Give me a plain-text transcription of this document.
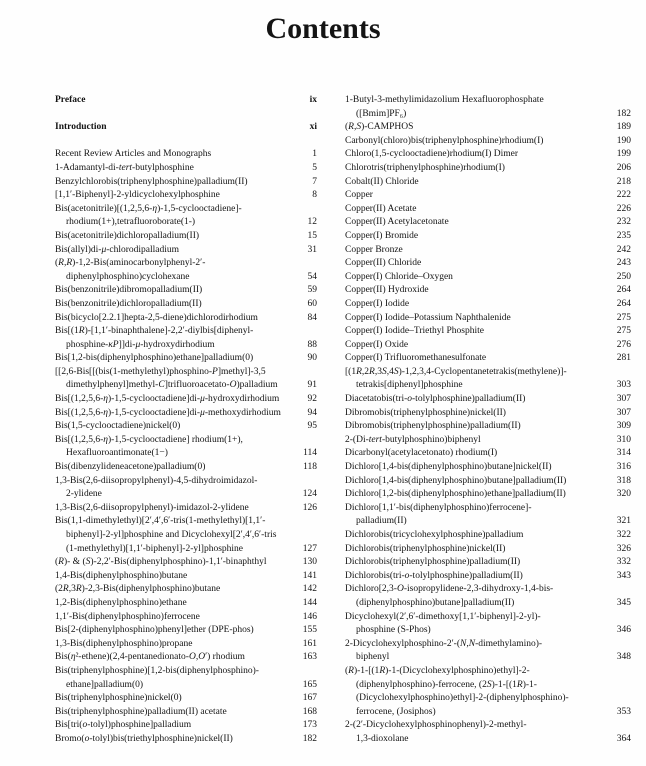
Contents
Preface	ix
Introduction	xi
Recent Review Articles and Monographs	1
1-Adamantyl-di-tert-butylphosphine	5
Benzylchlorobis(triphenylphosphine)palladium(II)	7
[1,1′-Biphenyl]-2-yldicyclohexylphosphine	8
Bis(acetonitrile)[(1,2,5,6-η)-1,5-cyclooctadiene]-
rhodium(1+),tetrafluoroborate(1-)	12
Bis(acetonitrile)dichloropalladium(II)	15
Bis(allyl)di-μ-chlorodipalladium	31
(R,R)-1,2-Bis(aminocarbonylphenyl-2′-
diphenylphosphino)cyclohexane	54
Bis(benzonitrile)dibromopalladium(II)	59
Bis(benzonitrile)dichloropalladium(II)	60
Bis(bicyclo[2.2.1]hepta-2,5-diene)dichlorodirhodium	84
Bis[(1R)-[1,1′-binaphthalene]-2,2′-diylbis[diphenyl-
phosphine-κP]]di-μ-hydroxydirhodium	88
Bis[1,2-bis(diphenylphosphino)ethane]palladium(0)	90
[[2,6-Bis[[(bis(1-methylethyl)phosphino-P]methyl]-3,5
dimethylphenyl]methyl-C]trifluoroacetato-O)palladium	91
Bis[(1,2,5,6-η)-1,5-cyclooctadiene]di-μ-hydroxydirhodium	92
Bis[(1,2,5,6-η)-1,5-cyclooctadiene]di-μ-methoxydirhodium	94
Bis(1,5-cyclooctadiene)nickel(0)	95
Bis[(1,2,5,6-η)-1,5-cyclooctadiene] rhodium(1+),
Hexafluoroantimonate(1−)	114
Bis(dibenzylideneacetone)palladium(0)	118
1,3-Bis(2,6-diisopropylphenyl)-4,5-dihydroimidazol-
2-ylidene	124
1,3-Bis(2,6-diisopropylphenyl)-imidazol-2-ylidene	126
Bis(1,1-dimethylethyl)[2′,4′,6′-tris(1-methylethyl)[1,1′-
biphenyl]-2-yl]phosphine and Dicyclohexyl[2′,4′,6′-tris
(1-methylethyl)[1,1′-biphenyl]-2-yl]phosphine	127
(R)- & (S)-2,2′-Bis(diphenylphosphino)-1,1′-binaphthyl	130
1,4-Bis(diphenylphosphino)butane	141
(2R,3R)-2,3-Bis(diphenylphosphino)butane	142
1,2-Bis(diphenylphosphino)ethane	144
1,1′-Bis(diphenylphosphino)ferrocene	146
Bis[2-(diphenylphosphino)phenyl]ether (DPE-phos)	155
1,3-Bis(diphenylphosphino)propane	161
Bis(η²-ethene)(2,4-pentanedionato-O,O′) rhodium	163
Bis(triphenylphosphine)[1,2-bis(diphenylphosphino)-
ethane]palladium(0)	165
Bis(triphenylphosphine)nickel(0)	167
Bis(triphenylphosphine)palladium(II) acetate	168
Bis[tri(o-tolyl)phosphine]palladium	173
Bromo(o-tolyl)bis(triethylphosphine)nickel(II)	182
1-Butyl-3-methylimidazolium Hexafluorophosphate
([Bmim]PF₆)	182
(R,S)-CAMPHOS	189
Carbonyl(chloro)bis(triphenylphosphine)rhodium(I)	190
Chloro(1,5-cyclooctadiene)rhodium(I) Dimer	199
Chlorotris(triphenylphosphine)rhodium(I)	206
Cobalt(II) Chloride	218
Copper	222
Copper(II) Acetate	226
Copper(II) Acetylacetonate	232
Copper(I) Bromide	235
Copper Bronze	242
Copper(II) Chloride	243
Copper(I) Chloride–Oxygen	250
Copper(II) Hydroxide	264
Copper(I) Iodide	264
Copper(I) Iodide–Potassium Naphthalenide	275
Copper(I) Iodide–Triethyl Phosphite	275
Copper(I) Oxide	276
Copper(I) Trifluoromethanesulfonate	281
[(1R,2R,3S,4S)-1,2,3,4-Cyclopentanetetrakis(methylene)]-
tetrakis[diphenyl]phosphine	303
Diacetatobis(tri-o-tolylphosphine)palladium(II)	307
Dibromobis(triphenylphosphine)nickel(II)	307
Dibromobis(triphenylphosphine)palladium(II)	309
2-(Di-tert-butylphosphino)biphenyl	310
Dicarbonyl(acetylacetonato) rhodium(I)	314
Dichloro[1,4-bis(diphenylphosphino)butane]nickel(II)	316
Dichloro[1,4-bis(diphenylphosphino)butane]palladium(II)	318
Dichloro[1,2-bis(diphenylphosphino)ethane]palladium(II)	320
Dichloro[1,1′-bis(diphenylphosphino)ferrocene]-
palladium(II)	321
Dichlorobis(tricyclohexylphosphine)palladium	322
Dichlorobis(triphenylphosphine)nickel(II)	326
Dichlorobis(triphenylphosphine)palladium(II)	332
Dichlorobis(tri-o-tolylphosphine)palladium(II)	343
Dichloro[2,3-O-isopropylidene-2,3-dihydroxy-1,4-bis-
(diphenylphosphino)butane]palladium(II)	345
Dicyclohexyl(2′,6′-dimethoxy[1,1′-biphenyl]-2-yl)-
phosphine (S-Phos)	346
2-Dicyclohexylphosphino-2′-(N,N-dimethylamino)-
biphenyl	348
(R)-1-[(1R)-1-(Dicyclohexylphosphino)ethyl]-2-
(diphenylphosphino)-ferrocene, (2S)-1-[(1R)-1-
(Dicyclohexylphosphino)ethyl]-2-(diphenylphosphino)-
ferrocene, (Josiphos)	353
2-(2′-Dicyclohexylphosphinophenyl)-2-methyl-
1,3-dioxolane	364
